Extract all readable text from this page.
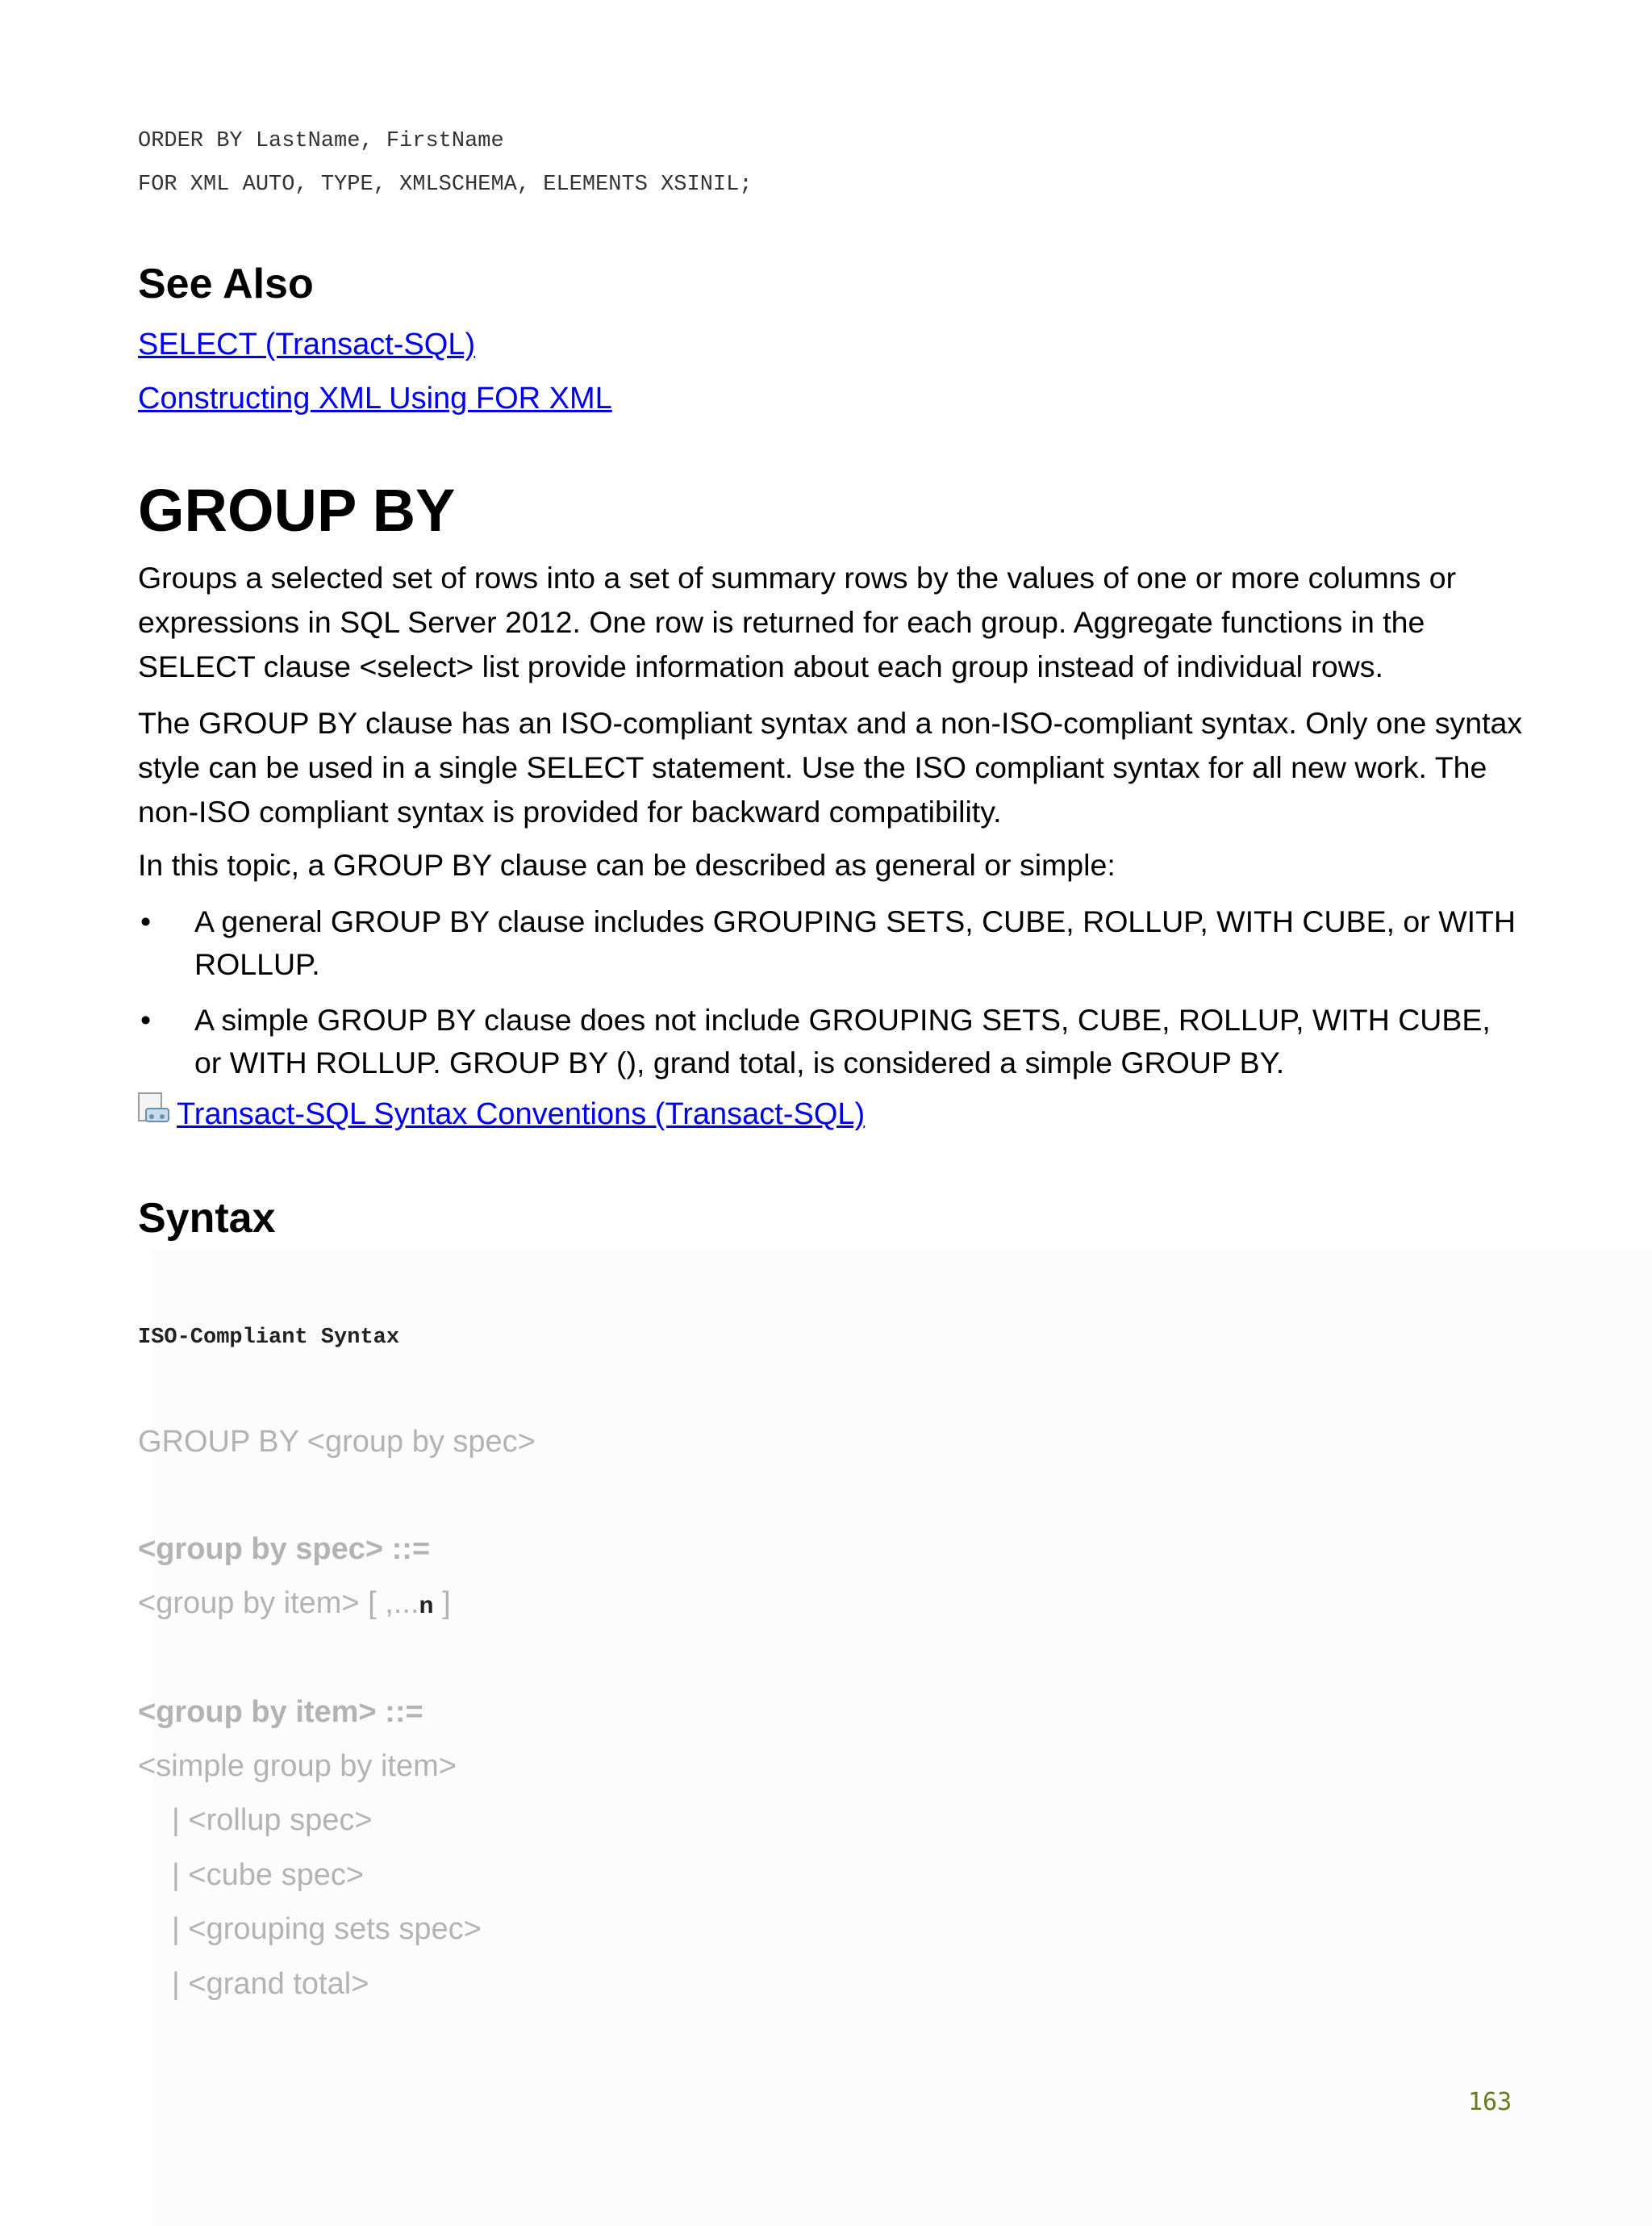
ORDER BY LastName, FirstName
FOR XML AUTO, TYPE, XMLSCHEMA, ELEMENTS XSINIL;
See Also
SELECT (Transact-SQL)
Constructing XML Using FOR XML
GROUP BY

Groups a selected set of rows into a set of summary rows by the values of one or more columns or expressions in SQL Server 2012. One row is returned for each group. Aggregate functions in the SELECT clause <select> list provide information about each group instead of individual rows.

The GROUP BY clause has an ISO-compliant syntax and a non-ISO-compliant syntax. Only one syntax style can be used in a single SELECT statement. Use the ISO compliant syntax for all new work. The non-ISO compliant syntax is provided for backward compatibility.

In this topic, a GROUP BY clause can be described as general or simple:

• A general GROUP BY clause includes GROUPING SETS, CUBE, ROLLUP, WITH CUBE, or WITH ROLLUP.
• A simple GROUP BY clause does not include GROUPING SETS, CUBE, ROLLUP, WITH CUBE, or WITH ROLLUP. GROUP BY (), grand total, is considered a simple GROUP BY.
Transact-SQL Syntax Conventions (Transact-SQL)
Syntax
ISO-Compliant Syntax
GROUP BY <group by spec>
<group by spec> ::=
<group by item> [ ,...n ]
<group by item> ::=
<simple group by item>
| <rollup spec>
| <cube spec>
| <grouping sets spec>
| <grand total>
163
